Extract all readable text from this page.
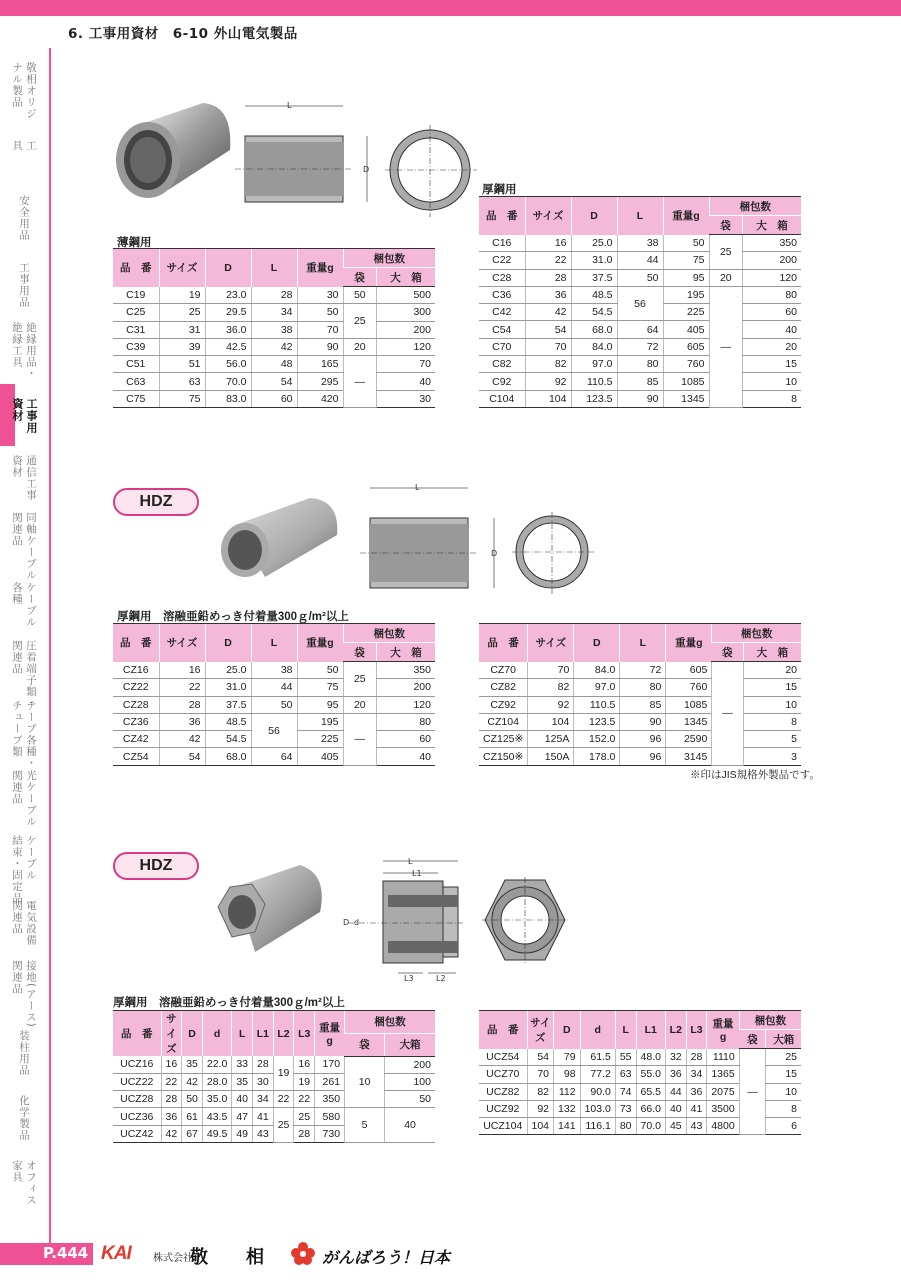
6. 工事用資材　6-10 外山電気製品
敬相オリジ
ナル製品
工
具
安全用品
工事用品
絶縁用品・
絶縁工具
工事用
資材
通信工事
資材
同軸ケーブル
関連品
ケーブル
各種
圧着端子類・
関連品
テープ各種・
チューブ類
光ケーブル
関連品
ケーブル
結束・固定品
電気設備
関連品
接地(アース)
関連品
装柱用品
化学製品
オフィス
家具
L
D
薄鋼用
品　番	サイズ	D	L	重量g	梱包数	
					袋	大　箱
C19	19	23.0	28	30	50	500
C25	25	29.5	34	50	25	300
C31	31	36.0	38	70		200
C39	39	42.5	42	90	20	120
C51	51	56.0	48	165	—	70
C63	63	70.0	54	295		40
C75	75	83.0	60	420		30
厚鋼用
品　番	サイズ	D	L	重量g	梱包数	
					袋	大　箱
C16	16	25.0	38	50	25	350
C22	22	31.0	44	75		200
C28	28	37.5	50	95	20	120
C36	36	48.5	56	195	—	80
C42	42	54.5		225		60
C54	54	68.0	64	405		40
C70	70	84.0	72	605		20
C82	82	97.0	80	760		15
C92	92	110.5	85	1085		10
C104	104	123.5	90	1345		8
HDZ
L
D
厚鋼用　溶融亜鉛めっき付着量300ｇ/m²以上
品　番	サイズ	D	L	重量g	梱包数	
					袋	大　箱
CZ16	16	25.0	38	50	25	350
CZ22	22	31.0	44	75		200
CZ28	28	37.5	50	95	20	120
CZ36	36	48.5	56	195	—	80
CZ42	42	54.5		225		60
CZ54	54	68.0	64	405		40
品　番	サイズ	D	L	重量g	梱包数	
					袋	大　箱
CZ70	70	84.0	72	605	—	20
CZ82	82	97.0	80	760		15
CZ92	92	110.5	85	1085		10
CZ104	104	123.5	90	1345		8
CZ125※	125A	152.0	96	2590		5
CZ150※	150A	178.0	96	3145		3
※印はJIS規格外製品です。
HDZ	L
L1
D d
L3	L2
厚鋼用　溶融亜鉛めっき付着量300ｇ/m²以上
品　番	サイズ	D	d	L	L1	L2	L3	重量g	梱包数	
									袋	大箱
UCZ16	16	35	22.0	33	28	19	16	170	10	200
UCZ22	22	42	28.0	35	30		19	261		100
UCZ28	28	50	35.0	40	34	22	22	350		50
UCZ36	36	61	43.5	47	41	25	25	580	5	40
UCZ42	42	67	49.5	49	43		28	730		
品　番	サイズ	D	d	L	L1	L2	L3	重量g	梱包数	
									袋	大箱
UCZ54	54	79	61.5	55	48.0	32	28	1110	—	25
UCZ70	70	98	77.2	63	55.0	36	34	1365		15
UCZ82	82	112	90.0	74	65.5	44	36	2075		10
UCZ92	92	132	103.0	73	66.0	40	41	3500		8
UCZ104	104	141	116.1	80	70.0	45	43	4800		6
P.444 KAI 株式会社
敬 相	がんばろう！日本
